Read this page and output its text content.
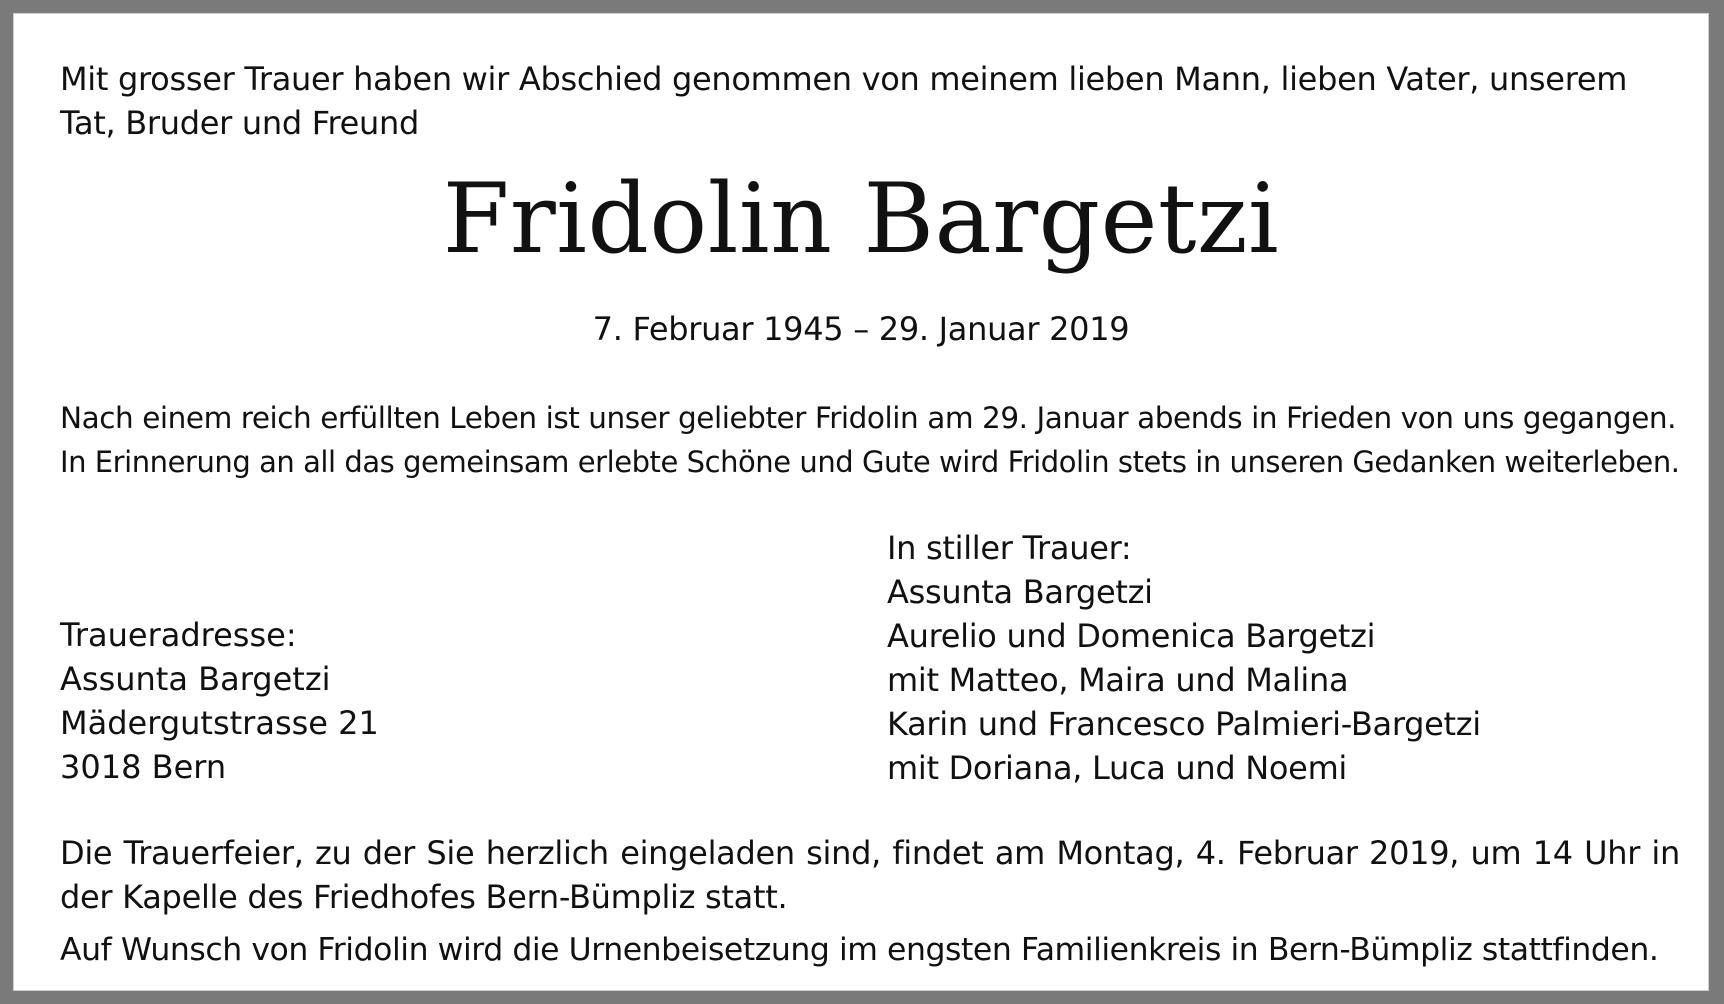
Mit grosser Trauer haben wir Abschied genommen von meinem lieben Mann, lieben Vater, unserem Tat, Bruder und Freund
Fridolin Bargetzi
7. Februar 1945 – 29. Januar 2019

Nach einem reich erfüllten Leben ist unser geliebter Fridolin am 29. Januar abends in Frieden von uns gegangen.

In Erinnerung an all das gemeinsam erlebte Schöne und Gute wird Fridolin stets in unseren Gedanken weiterleben.

Traueradresse:
Assunta Bargetzi
Mädergutstrasse 21
3018 Bern
In stiller Trauer:
Assunta Bargetzi
Aurelio und Domenica Bargetzi
mit Matteo, Maira und Malina
Karin und Francesco Palmieri-Bargetzi
mit Doriana, Luca und Noemi
Die Trauerfeier, zu der Sie herzlich eingeladen sind, findet am Montag, 4. Februar 2019, um 14 Uhr in der Kapelle des Friedhofes Bern-Bümpliz statt.
Auf Wunsch von Fridolin wird die Urnenbeisetzung im engsten Familienkreis in Bern-Bümpliz stattfinden.
